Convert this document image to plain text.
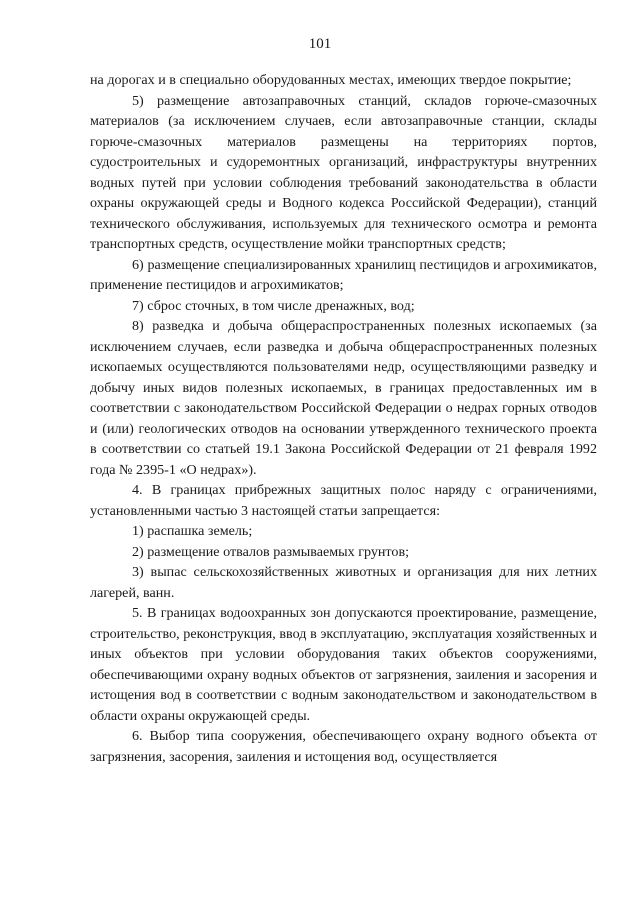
101

на дорогах и в специально оборудованных местах, имеющих твердое покрытие;

5) размещение автозаправочных станций, складов горюче-смазочных материалов (за исключением случаев, если автозаправочные станции, склады горюче-смазочных материалов размещены на территориях портов, судостроительных и судоремонтных организаций, инфраструктуры внутренних водных путей при условии соблюдения требований законодательства в области охраны окружающей среды и Водного кодекса Российской Федерации), станций технического обслуживания, используемых для технического осмотра и ремонта транспортных средств, осуществление мойки транспортных средств;

6) размещение специализированных хранилищ пестицидов и агрохимикатов, применение пестицидов и агрохимикатов;

7) сброс сточных, в том числе дренажных, вод;

8) разведка и добыча общераспространенных полезных ископаемых (за исключением случаев, если разведка и добыча общераспространенных полезных ископаемых осуществляются пользователями недр, осуществляющими разведку и добычу иных видов полезных ископаемых, в границах предоставленных им в соответствии с законодательством Российской Федерации о недрах горных отводов и (или) геологических отводов на основании утвержденного технического проекта в соответствии со статьей 19.1 Закона Российской Федерации от 21 февраля 1992 года № 2395-1 «О недрах»).

4. В границах прибрежных защитных полос наряду с ограничениями, установленными частью 3 настоящей статьи запрещается:

1) распашка земель;

2) размещение отвалов размываемых грунтов;

3) выпас сельскохозяйственных животных и организация для них летних лагерей, ванн.

5. В границах водоохранных зон допускаются проектирование, размещение, строительство, реконструкция, ввод в эксплуатацию, эксплуатация хозяйственных и иных объектов при условии оборудования таких объектов сооружениями, обеспечивающими охрану водных объектов от загрязнения, заиления и засорения и истощения вод в соответствии с водным законодательством и законодательством в области охраны окружающей среды.

6. Выбор типа сооружения, обеспечивающего охрану водного объекта от загрязнения, засорения, заиления и истощения вод, осуществляется
